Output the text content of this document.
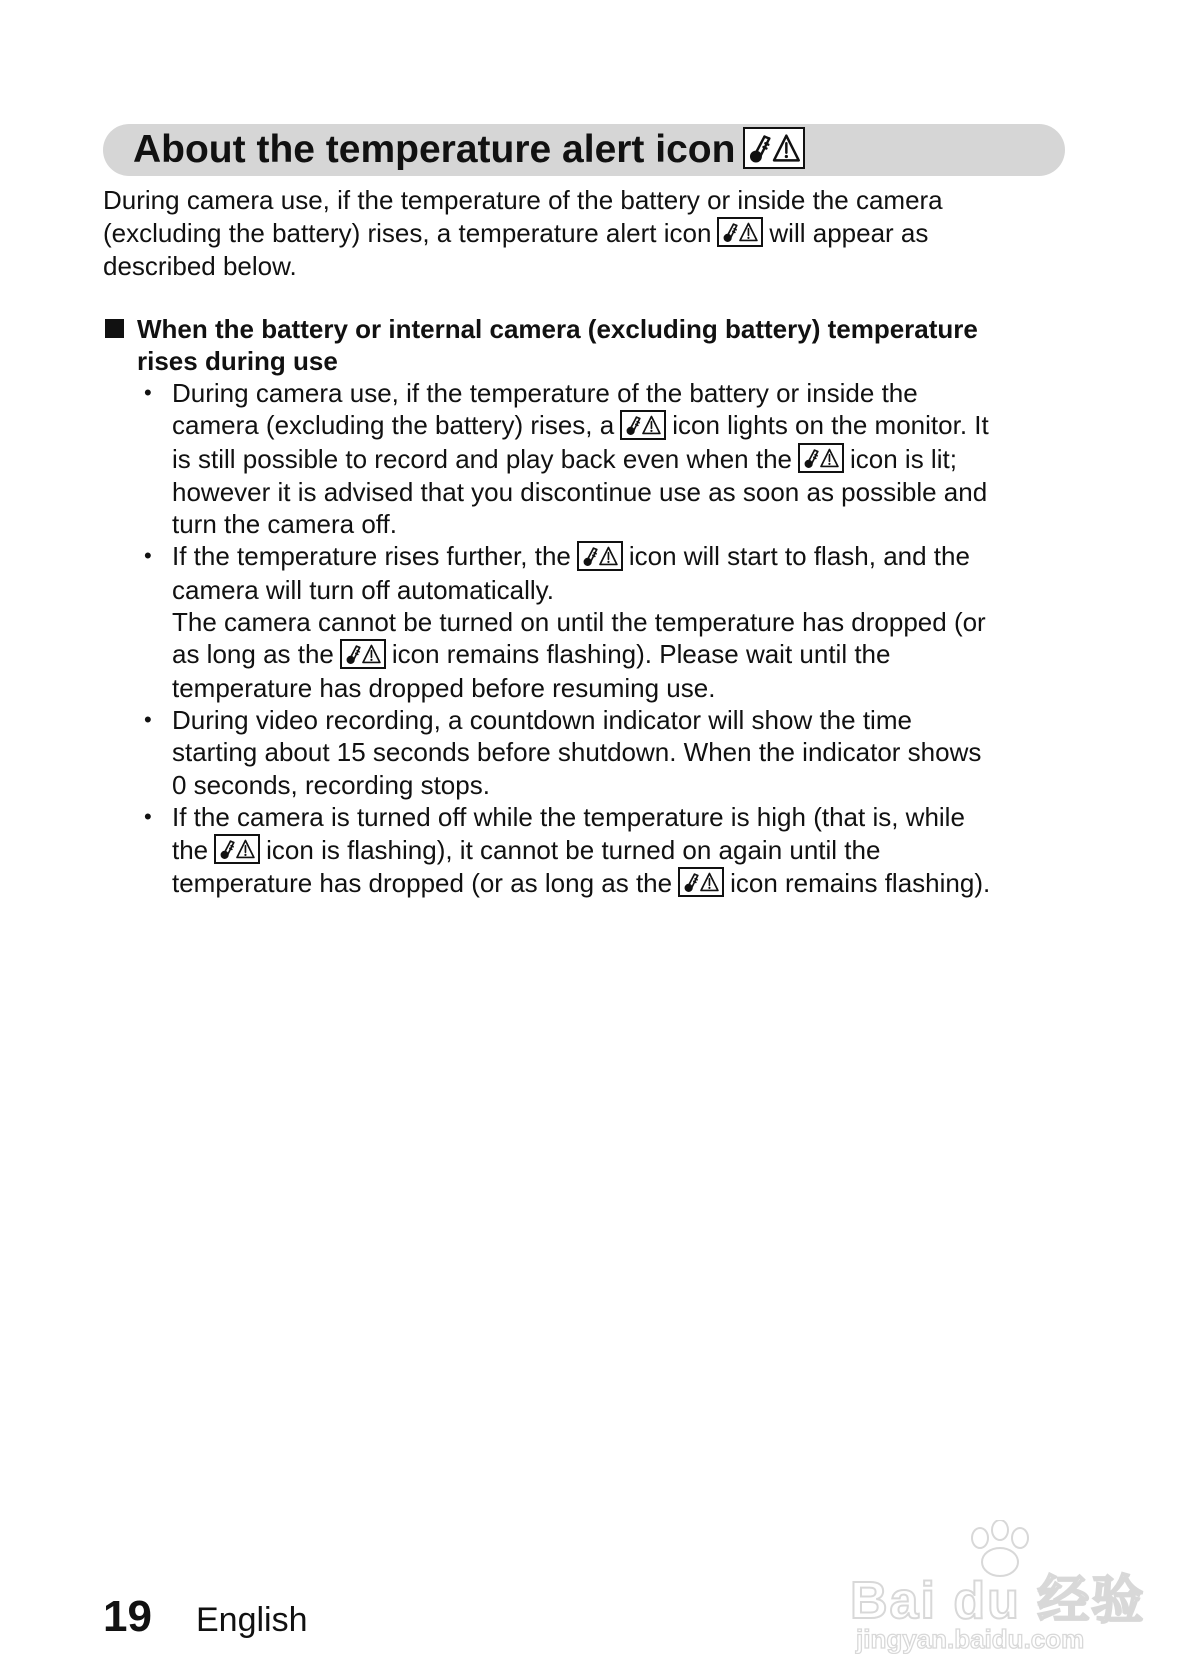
About the temperature alert icon
During camera use, if the temperature of the battery or inside the camera
(excluding the battery) rises, a temperature alert icon will appear as
described below.
When the battery or internal camera (excluding battery) temperature
rises during use
• During camera use, if the temperature of the battery or inside the
camera (excluding the battery) rises, a icon lights on the monitor. It
is still possible to record and play back even when the icon is lit;
however it is advised that you discontinue use as soon as possible and
turn the camera off.
• If the temperature rises further, the icon will start to flash, and the
camera will turn off automatically.
The camera cannot be turned on until the temperature has dropped (or
as long as the icon remains flashing). Please wait until the
temperature has dropped before resuming use.
• During video recording, a countdown indicator will show the time
starting about 15 seconds before shutdown. When the indicator shows
0 seconds, recording stops.
• If the camera is turned off while the temperature is high (that is, while
the icon is flashing), it cannot be turned on again until the
temperature has dropped (or as long as the icon remains flashing).
19 English	Bai du 经验
jingyan.baidu.com
